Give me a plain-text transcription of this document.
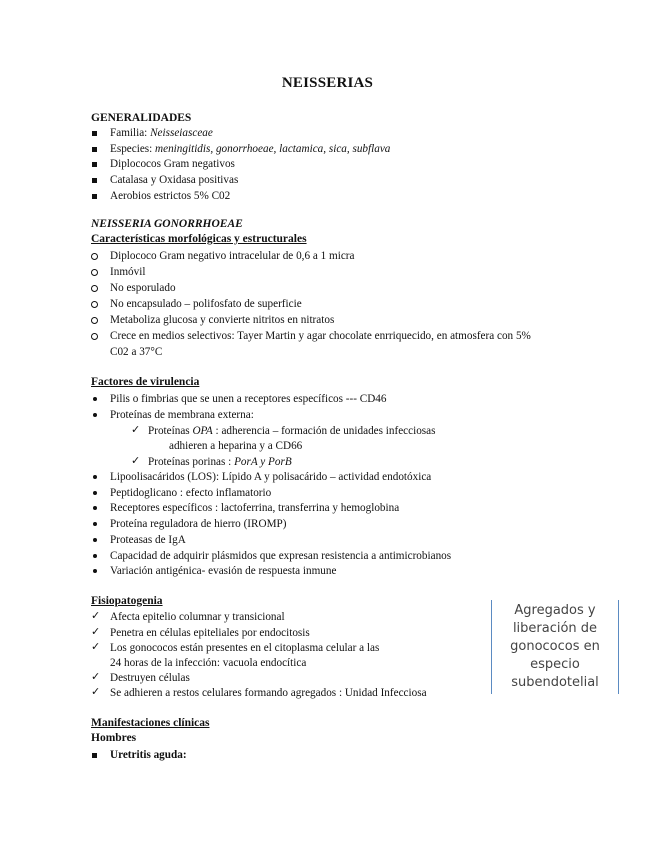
NEISSERIAS
GENERALIDADES
Familia: Neisseiasceae
Especies: meningitidis, gonorrhoeae, lactamica, sica, subflava
Diplococos Gram negativos
Catalasa y Oxidasa positivas
Aerobios estrictos 5% C02
NEISSERIA GONORRHOEAE
Características morfológicas y estructurales
Diplococo Gram negativo intracelular de 0,6 a 1 micra
Inmóvil
No esporulado
No encapsulado – polifosfato de superficie
Metaboliza glucosa y convierte nitritos en nitratos
Crece en medios selectivos: Tayer Martin y agar chocolate enrriquecido, en atmosfera con 5%
C02 a 37°C
Factores de virulencia
Pilis o fimbrias que se unen a receptores específicos --- CD46
Proteínas de membrana externa:
✓ Proteínas OPA : adherencia – formación de unidades infecciosas
adhieren a heparina y a CD66
✓ Proteínas porinas : PorA y PorB
Lipoolisacáridos (LOS): Lípido A y polisacárido – actividad endotóxica
Peptidoglicano : efecto inflamatorio
Receptores específicos : lactoferrina, transferrina y hemoglobina
Proteína reguladora de hierro (IROMP)
Proteasas de IgA
Capacidad de adquirir plásmidos que expresan resistencia a antimicrobianos
Variación antigénica- evasión de respuesta inmune
Fisiopatogenia
✓ Afecta epitelio columnar y transicional
✓ Penetra en células epiteliales por endocitosis
✓ Los gonococos están presentes en el citoplasma celular a las
24 horas de la infección: vacuola endocítica
✓ Destruyen células
✓ Se adhieren a restos celulares formando agregados : Unidad Infecciosa
Agregados y
liberación de
gonococos en
especio
subendotelial
Manifestaciones clínicas
Hombres
Uretritis aguda:
